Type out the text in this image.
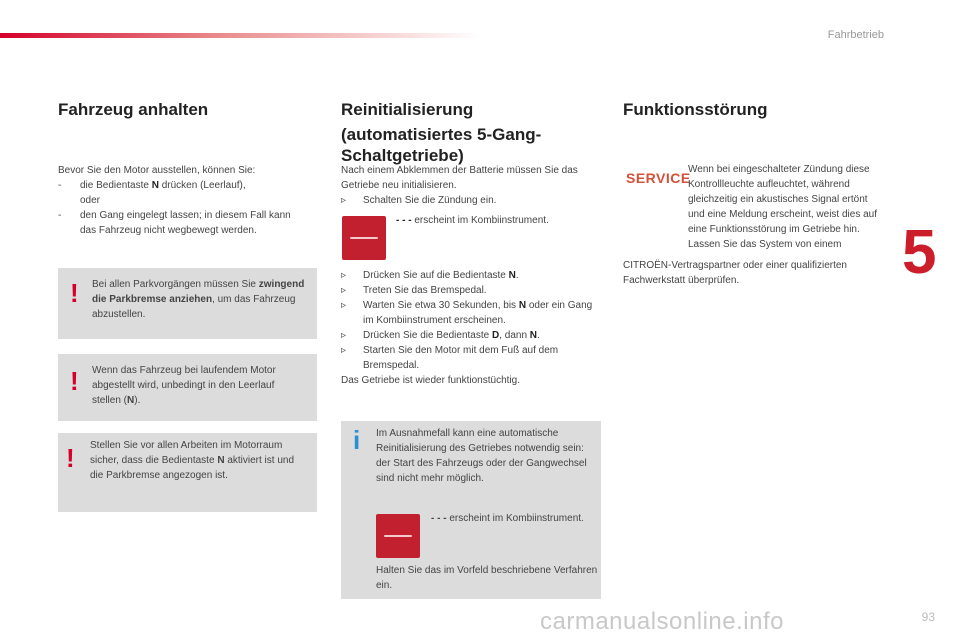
Fahrbetrieb
5
93
Fahrzeug anhalten
Bevor Sie den Motor ausstellen, können Sie:
- die Bedientaste N drücken (Leerlauf),
oder
- den Gang eingelegt lassen; in diesem Fall kann das Fahrzeug nicht wegbewegt werden.
! Bei allen Parkvorgängen müssen Sie zwingend die Parkbremse anziehen, um das Fahrzeug abzustellen.
! Wenn das Fahrzeug bei laufendem Motor abgestellt wird, unbedingt in den Leerlauf stellen (N).
! Stellen Sie vor allen Arbeiten im Motorraum sicher, dass die Bedientaste N aktiviert ist und die Parkbremse angezogen ist.
Reinitialisierung
(automatisiertes 5-Gang-
Schaltgetriebe)
Nach einem Abklemmen der Batterie müssen Sie das Getriebe neu initialisieren.
▹ Schalten Sie die Zündung ein.
- - - erscheint im Kombiinstrument.
▹ Drücken Sie auf die Bedientaste N.
▹ Treten Sie das Bremspedal.
▹ Warten Sie etwa 30 Sekunden, bis N oder ein Gang im Kombiinstrument erscheinen.
▹ Drücken Sie die Bedientaste D, dann N.
▹ Starten Sie den Motor mit dem Fuß auf dem Bremspedal.
Das Getriebe ist wieder funktionstüchtig.
i Im Ausnahmefall kann eine automatische Reinitialisierung des Getriebes notwendig sein: der Start des Fahrzeugs oder der Gangwechsel sind nicht mehr möglich.
- - - erscheint im Kombiinstrument.
Halten Sie das im Vorfeld beschriebene Verfahren ein.
Funktionsstörung
SERVICE
Wenn bei eingeschalteter Zündung diese Kontrollleuchte aufleuchtet, während gleichzeitig ein akustisches Signal ertönt und eine Meldung erscheint, weist dies auf eine Funktionsstörung im Getriebe hin. Lassen Sie das System von einem
CITROËN-Vertragspartner oder einer qualifizierten Fachwerkstatt überprüfen.
carmanualsonline.info
